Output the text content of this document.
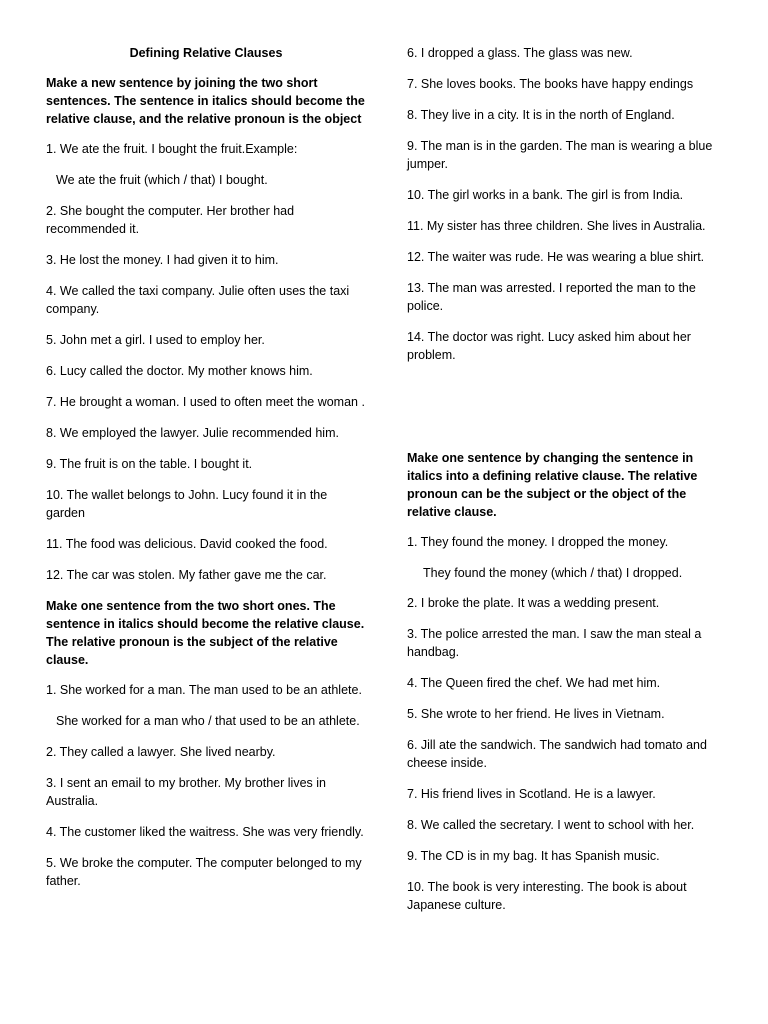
Defining Relative Clauses

Make a new sentence by joining the two short sentences. The sentence in italics should become the relative clause, and the relative pronoun is the object

1. We ate the fruit. I bought the fruit.Example:

We ate the fruit (which / that) I bought.

2. She bought the computer. Her brother had recommended it.

3. He lost the money. I had given it to him.

4. We called the taxi company. Julie often uses the taxi company.

5. John met a girl. I used to employ her.

6. Lucy called the doctor. My mother knows him.

7. He brought a woman. I used to often meet the woman .

8. We employed the lawyer. Julie recommended him.

9. The fruit is on the table. I bought it.

10. The wallet belongs to John. Lucy found it in the garden

11. The food was delicious. David cooked the food.

12. The car was stolen. My father gave me the car.

Make one sentence from the two short ones. The sentence in italics should become the relative clause. The relative pronoun is the subject of the relative clause.

1. She worked for a man. The man used to be an athlete.

She worked for a man who / that used to be an athlete.

2. They called a lawyer. She lived nearby.

3. I sent an email to my brother. My brother lives in Australia.

4. The customer liked the waitress. She was very friendly.

5. We broke the computer. The computer belonged to my father.

6. I dropped a glass. The glass was new.

7. She loves books. The books have happy endings

8. They live in a city. It is in the north of England.

9. The man is in the garden. The man is wearing a blue jumper.

10. The girl works in a bank. The girl is from India.

11. My sister has three children. She lives in Australia.

12. The waiter was rude. He was wearing a blue shirt.

13. The man was arrested. I reported the man to the police.

14. The doctor was right. Lucy asked him about her problem.

Make one sentence by changing the sentence in italics into a defining relative clause. The relative pronoun can be the subject or the object of the relative clause.

1. They found the money. I dropped the money.

They found the money (which / that) I dropped.

2. I broke the plate. It was a wedding present.

3. The police arrested the man. I saw the man steal a handbag.

4. The Queen fired the chef. We had met him.

5. She wrote to her friend. He lives in Vietnam.

6. Jill ate the sandwich. The sandwich had tomato and cheese inside.

7. His friend lives in Scotland. He is a lawyer.

8. We called the secretary. I went to school with her.

9. The CD is in my bag. It has Spanish music.

10. The book is very interesting. The book is about Japanese culture.
